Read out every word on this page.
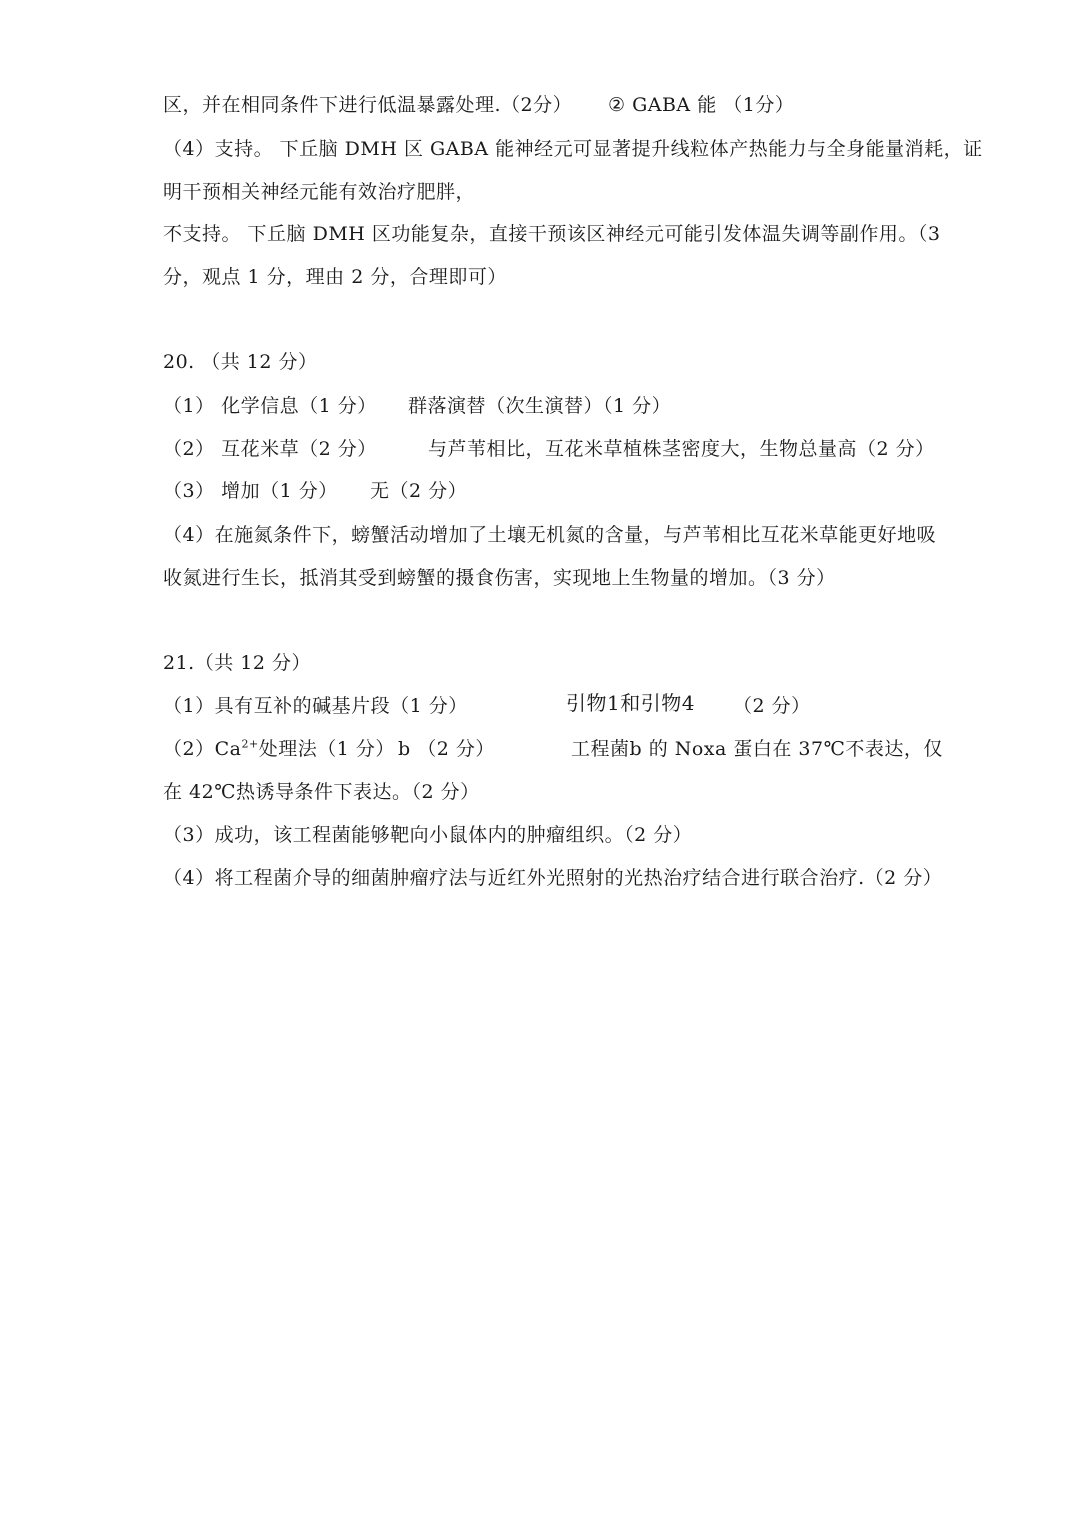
区，并在相同条件下进行低温暴露处理.（2分） ② GABA 能 （1分）
（4）支持。 下丘脑 DMH 区 GABA 能神经元可显著提升线粒体产热能力与全身能量消耗，证
明干预相关神经元能有效治疗肥胖，
不支持。 下丘脑 DMH 区功能复杂，直接干预该区神经元可能引发体温失调等副作用。（3
分，观点 1 分，理由 2 分，合理即可）
20. （共 12 分）
（1） 化学信息（1 分） 群落演替（次生演替）（1 分）
（2） 互花米草（2 分）	与芦苇相比，互花米草植株茎密度大，生物总量高（2 分）
（3） 增加（1 分） 无（2 分）
（4）在施氮条件下，螃蟹活动增加了土壤无机氮的含量，与芦苇相比互花米草能更好地吸
收氮进行生长，抵消其受到螃蟹的摄食伤害，实现地上生物量的增加。（3 分）
21.（共 12 分）
（1）具有互补的碱基片段（1 分）	引物1和引物4 （2 分）
$(2)Ca^{2+}$处理法（1 分） b （2 分）	工程菌b 的 Noxa 蛋白在 37℃不表达，仅
在 42℃热诱导条件下表达。（2 分）
（3）成功，该工程菌能够靶向小鼠体内的肿瘤组织。（2 分）
（4）将工程菌介导的细菌肿瘤疗法与近红外光照射的光热治疗结合进行联合治疗.（2 分）
